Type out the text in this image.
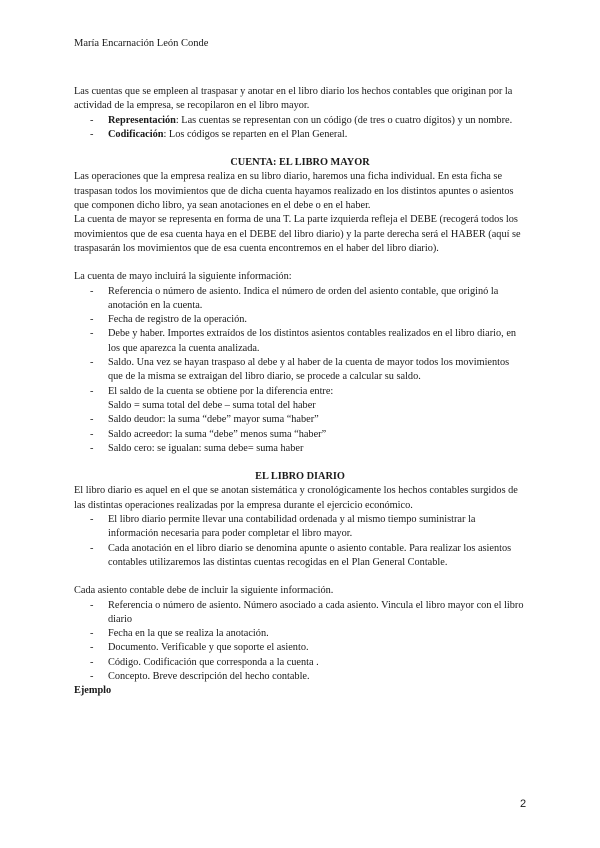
María Encarnación León Conde

Las cuentas que se empleen al traspasar y anotar en el libro diario los hechos contables que originan por la actividad de la empresa, se recopilaron en el libro mayor.

- Representación: Las cuentas se representan con un código (de tres o cuatro dígitos) y un nombre.
- Codificación: Los códigos se reparten en el Plan General.

CUENTA: EL LIBRO MAYOR

Las operaciones que la empresa realiza en su libro diario, haremos una ficha individual. En esta ficha se traspasan todos los movimientos que de dicha cuenta hayamos realizado en los distintos apuntes o asientos que componen dicho libro, ya sean anotaciones en el debe o en el haber.

La cuenta de mayor se representa en forma de una T. La parte izquierda refleja el DEBE (recogerá todos los movimientos que de esa cuenta haya en el DEBE del libro diario) y la parte derecha será el HABER (aquí se traspasarán los movimientos que de esa cuenta encontremos en el haber del libro diario).

La cuenta de mayo incluirá la siguiente información:

- Referencia o número de asiento. Indica el número de orden del asiento contable, que originó la anotación en la cuenta.
- Fecha de registro de la operación.
- Debe y haber. Importes extraídos de los distintos asientos contables realizados en el libro diario, en los que aparezca la cuenta analizada.
- Saldo. Una vez se hayan traspaso al debe y al haber de la cuenta de mayor todos los movimientos que de la misma se extraigan del libro diario, se procede a calcular su saldo.
- El saldo de la cuenta se obtiene por la diferencia entre:
Saldo = suma total del debe – suma total del haber
- Saldo deudor: la suma “debe” mayor suma “haber”
- Saldo acreedor: la suma “debe” menos suma “haber”
- Saldo cero: se igualan: suma debe= suma haber

EL LIBRO DIARIO

El libro diario es aquel en el que se anotan sistemática y cronológicamente los hechos contables surgidos de las distintas operaciones realizadas por la empresa durante el ejercicio económico.

- El libro diario permite llevar una contabilidad ordenada y al mismo tiempo suministrar la información necesaria para poder completar el libro mayor.
- Cada anotación en el libro diario se denomina apunte o asiento contable. Para realizar los asientos contables utilizaremos las distintas cuentas recogidas en el Plan General Contable.

Cada asiento contable debe de incluir la siguiente información.

- Referencia o número de asiento. Número asociado a cada asiento. Vincula el libro mayor con el libro diario
- Fecha en la que se realiza la anotación.
- Documento. Verificable y que soporte el asiento.
- Código. Codificación que corresponda a la cuenta .
- Concepto. Breve descripción del hecho contable.

Ejemplo

2
